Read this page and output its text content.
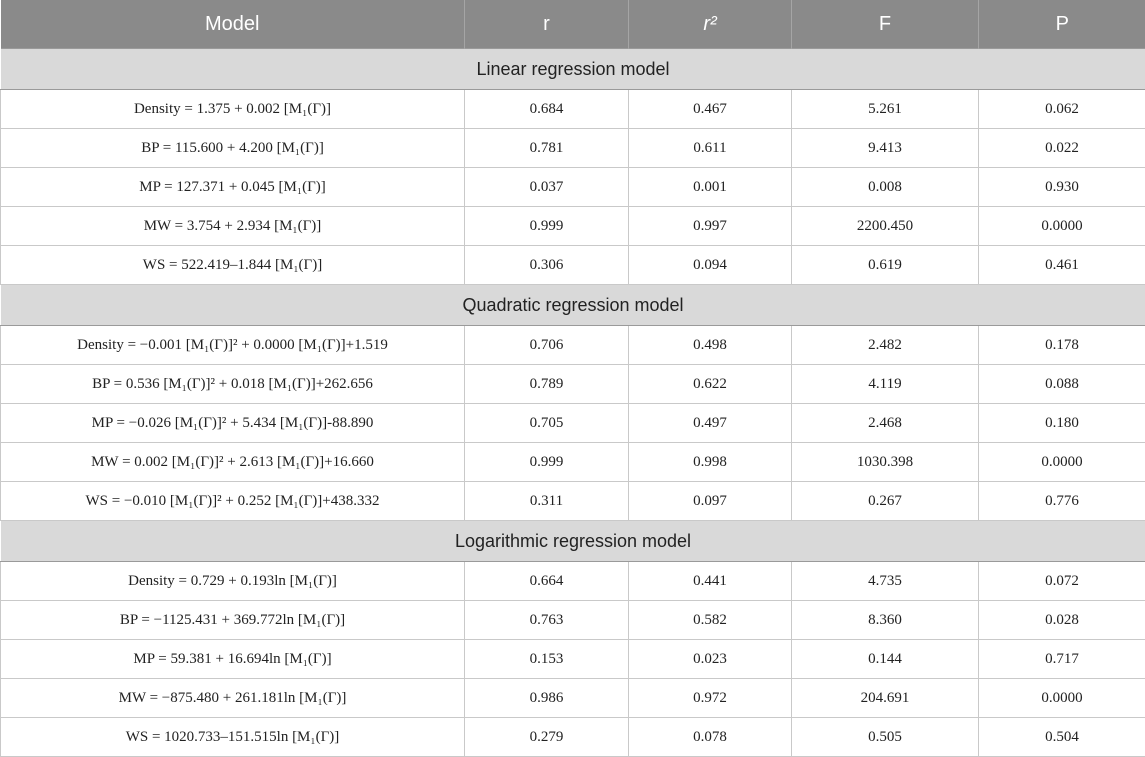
Model	r	r²	F	P
Linear regression model				
Density = 1.375 + 0.002 [M₁(Γ)]	0.684	0.467	5.261	0.062
BP = 115.600 + 4.200 [M₁(Γ)]	0.781	0.611	9.413	0.022
MP = 127.371 + 0.045 [M₁(Γ)]	0.037	0.001	0.008	0.930
MW = 3.754 + 2.934 [M₁(Γ)]	0.999	0.997	2200.450	0.0000
WS = 522.419–1.844 [M₁(Γ)]	0.306	0.094	0.619	0.461
Quadratic regression model				
Density = −0.001 [M₁(Γ)]² + 0.0000 [M₁(Γ)]+1.519	0.706	0.498	2.482	0.178
BP = 0.536 [M₁(Γ)]² + 0.018 [M₁(Γ)]+262.656	0.789	0.622	4.119	0.088
MP = −0.026 [M₁(Γ)]² + 5.434 [M₁(Γ)]-88.890	0.705	0.497	2.468	0.180
MW = 0.002 [M₁(Γ)]² + 2.613 [M₁(Γ)]+16.660	0.999	0.998	1030.398	0.0000
WS = −0.010 [M₁(Γ)]² + 0.252 [M₁(Γ)]+438.332	0.311	0.097	0.267	0.776
Logarithmic regression model				
Density = 0.729 + 0.193ln [M₁(Γ)]	0.664	0.441	4.735	0.072
BP = −1125.431 + 369.772ln [M₁(Γ)]	0.763	0.582	8.360	0.028
MP = 59.381 + 16.694ln [M₁(Γ)]	0.153	0.023	0.144	0.717
MW = −875.480 + 261.181ln [M₁(Γ)]	0.986	0.972	204.691	0.0000
WS = 1020.733–151.515ln [M₁(Γ)]	0.279	0.078	0.505	0.504
